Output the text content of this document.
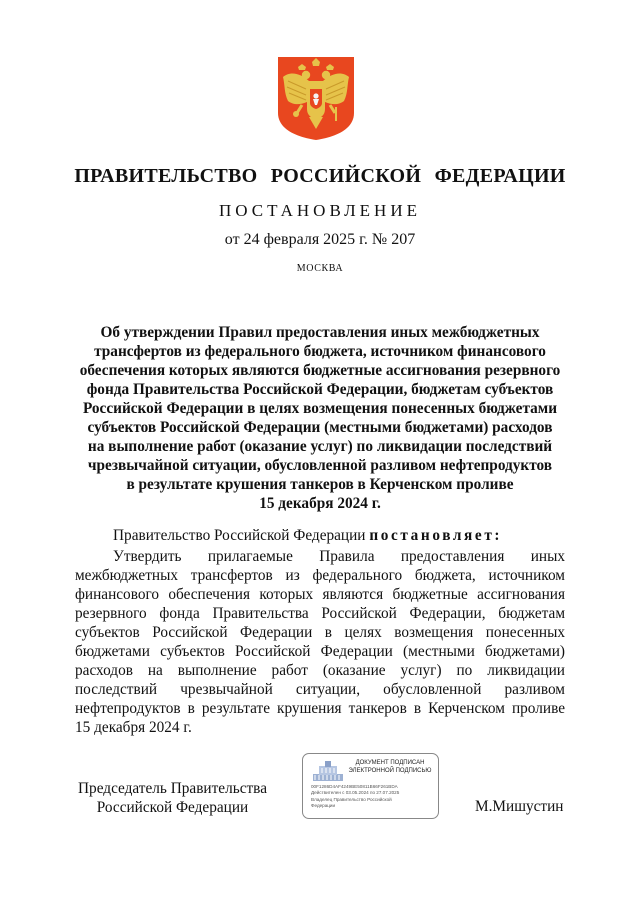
ПРАВИТЕЛЬСТВО РОССИЙСКОЙ ФЕДЕРАЦИИ
ПОСТАНОВЛЕНИЕ
от 24 февраля 2025 г. № 207
МОСКВА
Об утверждении Правил предоставления иных межбюджетных
трансфертов из федерального бюджета, источником финансового
обеспечения которых являются бюджетные ассигнования резервного
фонда Правительства Российской Федерации, бюджетам субъектов
Российской Федерации в целях возмещения понесенных бюджетами
субъектов Российской Федерации (местными бюджетами) расходов
на выполнение работ (оказание услуг) по ликвидации последствий
чрезвычайной ситуации, обусловленной разливом нефтепродуктов
в результате крушения танкеров в Керченском проливе
15 декабря 2024 г.
Правительство Российской Федерации постановляет:
Утвердить прилагаемые Правила предоставления иных
межбюджетных трансфертов из федерального бюджета, источником
финансового обеспечения которых являются бюджетные ассигнования
резервного фонда Правительства Российской Федерации, бюджетам
субъектов Российской Федерации в целях возмещения понесенных
бюджетами субъектов Российской Федерации (местными бюджетами)
расходов на выполнение работ (оказание услуг) по ликвидации
последствий чрезвычайной ситуации, обусловленной разливом
нефтепродуктов в результате крушения танкеров в Керченском проливе
15 декабря 2024 г.
Председатель Правительства
Российской Федерации
ДОКУМЕНТ ПОДПИСАН
ЭЛЕКТРОННОЙ ПОДПИСЬЮ
00F1286D4AF4249BE50811B66F261BDA
Действителен с 03.05.2024 по 27.07.2025
Владелец Правительство Российской
Федерации	М.Мишустин
